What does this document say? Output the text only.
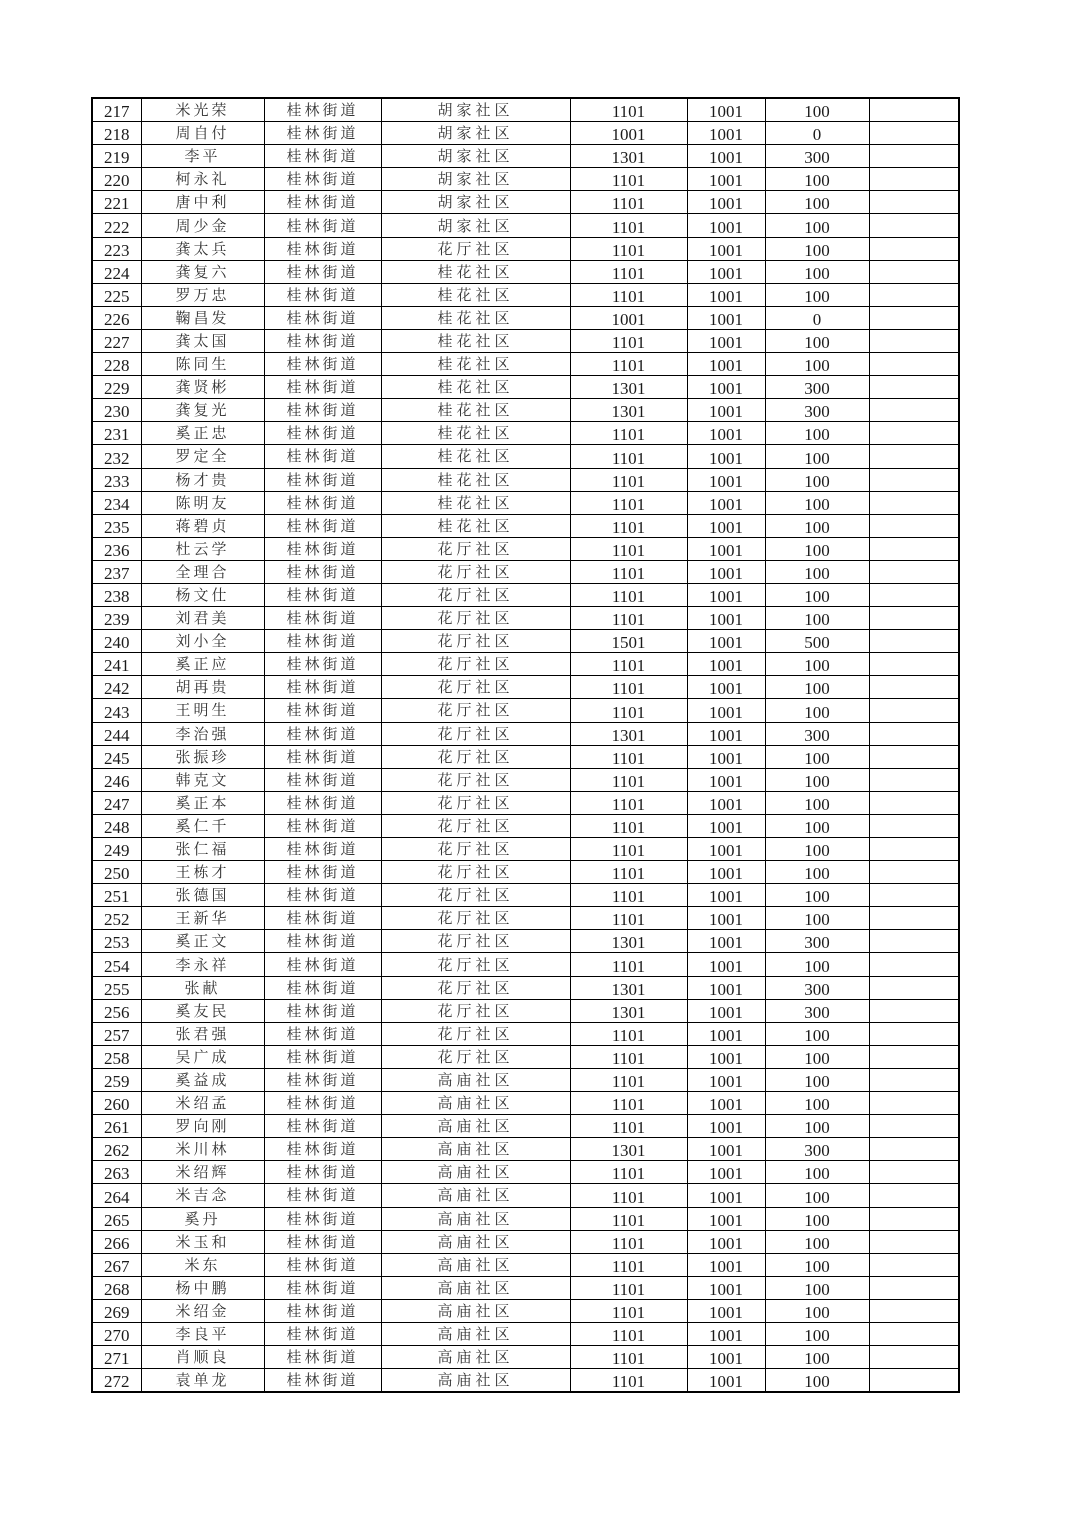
217	米光荣	桂林街道	胡家社区	1101	1001	100	
218	周自付	桂林街道	胡家社区	1001	1001	0	
219	李平	桂林街道	胡家社区	1301	1001	300	
220	柯永礼	桂林街道	胡家社区	1101	1001	100	
221	唐中利	桂林街道	胡家社区	1101	1001	100	
222	周少金	桂林街道	胡家社区	1101	1001	100	
223	龚太兵	桂林街道	花厅社区	1101	1001	100	
224	龚复六	桂林街道	桂花社区	1101	1001	100	
225	罗万忠	桂林街道	桂花社区	1101	1001	100	
226	鞠昌发	桂林街道	桂花社区	1001	1001	0	
227	龚太国	桂林街道	桂花社区	1101	1001	100	
228	陈同生	桂林街道	桂花社区	1101	1001	100	
229	龚贤彬	桂林街道	桂花社区	1301	1001	300	
230	龚复光	桂林街道	桂花社区	1301	1001	300	
231	奚正忠	桂林街道	桂花社区	1101	1001	100	
232	罗定全	桂林街道	桂花社区	1101	1001	100	
233	杨才贵	桂林街道	桂花社区	1101	1001	100	
234	陈明友	桂林街道	桂花社区	1101	1001	100	
235	蒋碧贞	桂林街道	桂花社区	1101	1001	100	
236	杜云学	桂林街道	花厅社区	1101	1001	100	
237	全理合	桂林街道	花厅社区	1101	1001	100	
238	杨文仕	桂林街道	花厅社区	1101	1001	100	
239	刘君美	桂林街道	花厅社区	1101	1001	100	
240	刘小全	桂林街道	花厅社区	1501	1001	500	
241	奚正应	桂林街道	花厅社区	1101	1001	100	
242	胡再贵	桂林街道	花厅社区	1101	1001	100	
243	王明生	桂林街道	花厅社区	1101	1001	100	
244	李治强	桂林街道	花厅社区	1301	1001	300	
245	张振珍	桂林街道	花厅社区	1101	1001	100	
246	韩克文	桂林街道	花厅社区	1101	1001	100	
247	奚正本	桂林街道	花厅社区	1101	1001	100	
248	奚仁千	桂林街道	花厅社区	1101	1001	100	
249	张仁福	桂林街道	花厅社区	1101	1001	100	
250	王栋才	桂林街道	花厅社区	1101	1001	100	
251	张德国	桂林街道	花厅社区	1101	1001	100	
252	王新华	桂林街道	花厅社区	1101	1001	100	
253	奚正文	桂林街道	花厅社区	1301	1001	300	
254	李永祥	桂林街道	花厅社区	1101	1001	100	
255	张献	桂林街道	花厅社区	1301	1001	300	
256	奚友民	桂林街道	花厅社区	1301	1001	300	
257	张君强	桂林街道	花厅社区	1101	1001	100	
258	吴广成	桂林街道	花厅社区	1101	1001	100	
259	奚益成	桂林街道	高庙社区	1101	1001	100	
260	米绍孟	桂林街道	高庙社区	1101	1001	100	
261	罗向刚	桂林街道	高庙社区	1101	1001	100	
262	米川林	桂林街道	高庙社区	1301	1001	300	
263	米绍辉	桂林街道	高庙社区	1101	1001	100	
264	米吉念	桂林街道	高庙社区	1101	1001	100	
265	奚丹	桂林街道	高庙社区	1101	1001	100	
266	米玉和	桂林街道	高庙社区	1101	1001	100	
267	米东	桂林街道	高庙社区	1101	1001	100	
268	杨中鹏	桂林街道	高庙社区	1101	1001	100	
269	米绍金	桂林街道	高庙社区	1101	1001	100	
270	李良平	桂林街道	高庙社区	1101	1001	100	
271	肖顺良	桂林街道	高庙社区	1101	1001	100	
272	袁单龙	桂林街道	高庙社区	1101	1001	100	
